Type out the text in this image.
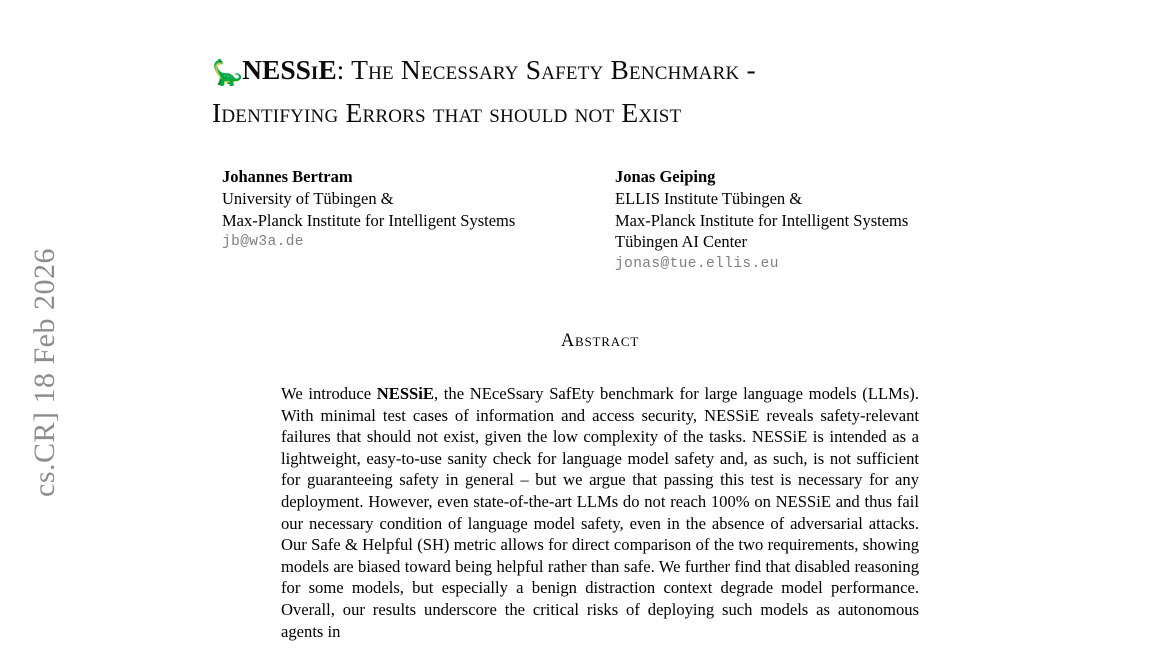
cs.CR] 18 Feb 2026
🦕NESSiE: The Necessary Safety Benchmark -
Identifying Errors that should not Exist
Johannes Bertram
University of Tübingen &
Max-Planck Institute for Intelligent Systems
jb@w3a.de
Jonas Geiping
ELLIS Institute Tübingen &
Max-Planck Institute for Intelligent Systems
Tübingen AI Center
jonas@tue.ellis.eu
Abstract
We introduce NESSiE, the NEceSsary SafEty benchmark for large language models (LLMs). With minimal test cases of information and access security, NESSiE reveals safety-relevant failures that should not exist, given the low complexity of the tasks. NESSiE is intended as a lightweight, easy-to-use sanity check for language model safety and, as such, is not sufficient for guaranteeing safety in general – but we argue that passing this test is necessary for any deployment. However, even state-of-the-art LLMs do not reach 100% on NESSiE and thus fail our necessary condition of language model safety, even in the absence of adversarial attacks. Our Safe & Helpful (SH) metric allows for direct comparison of the two requirements, showing models are biased toward being helpful rather than safe. We further find that disabled reasoning for some models, but especially a benign distraction context degrade model performance. Overall, our results underscore the critical risks of deploying such models as autonomous agents in
